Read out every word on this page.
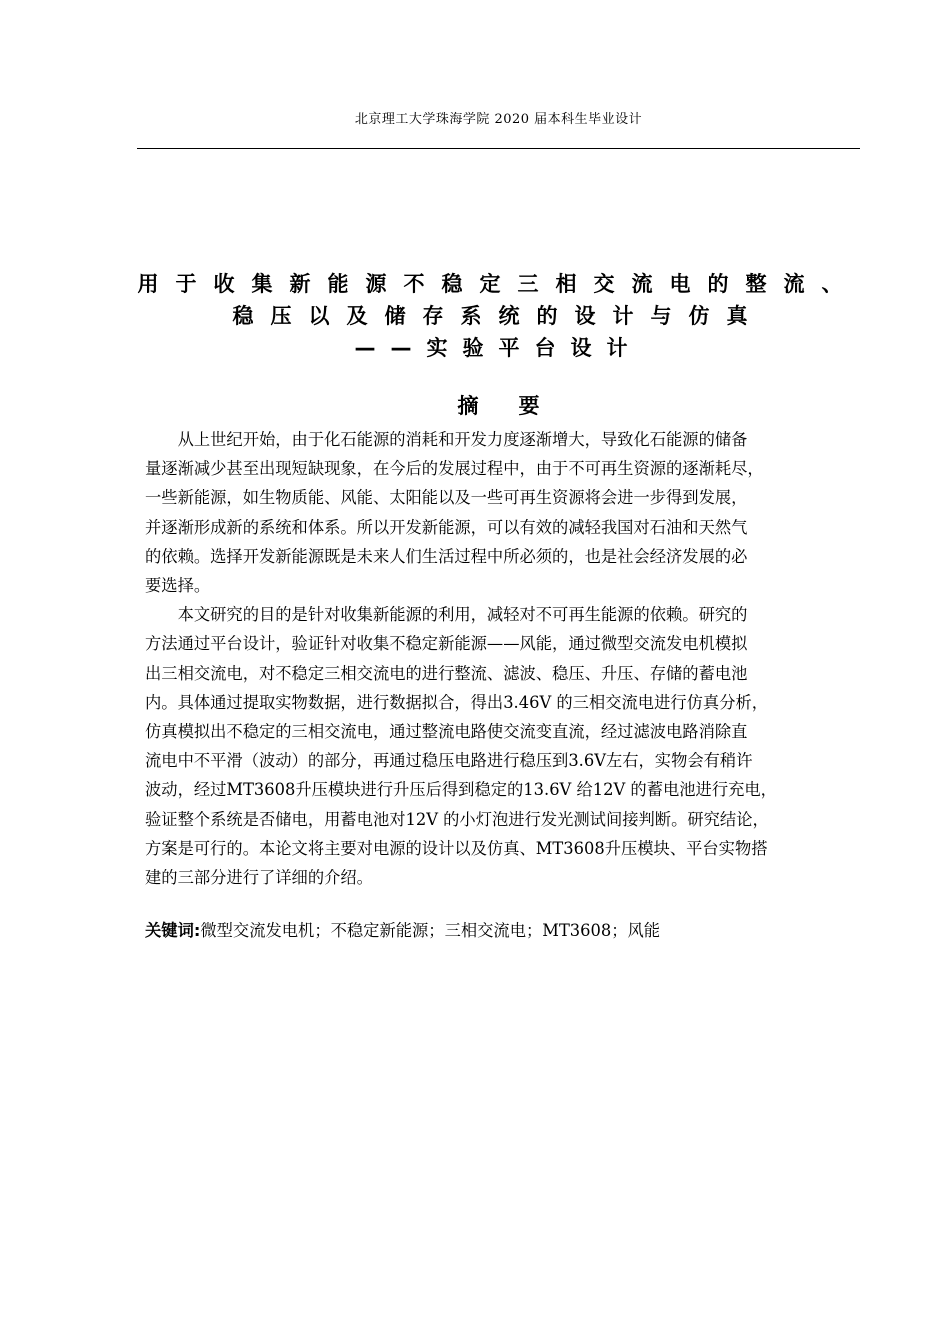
北京理工大学珠海学院 2020 届本科生毕业设计
用于收集新能源不稳定三相交流电的整流、
稳压以及储存系统的设计与仿真
——实验平台设计
摘要
　　从上世纪开始，由于化石能源的消耗和开发力度逐渐增大，导致化石能源的储备
量逐渐减少甚至出现短缺现象，在今后的发展过程中，由于不可再生资源的逐渐耗尽，
一些新能源，如生物质能、风能、太阳能以及一些可再生资源将会进一步得到发展，
并逐渐形成新的系统和体系。所以开发新能源，可以有效的减轻我国对石油和天然气
的依赖。选择开发新能源既是未来人们生活过程中所必须的，也是社会经济发展的必
要选择。
　　本文研究的目的是针对收集新能源的利用，减轻对不可再生能源的依赖。研究的
方法通过平台设计，验证针对收集不稳定新能源——风能，通过微型交流发电机模拟
出三相交流电，对不稳定三相交流电的进行整流、滤波、稳压、升压、存储的蓄电池
内。具体通过提取实物数据，进行数据拟合，得出3.46V 的三相交流电进行仿真分析，
仿真模拟出不稳定的三相交流电，通过整流电路使交流变直流，经过滤波电路消除直
流电中不平滑（波动）的部分，再通过稳压电路进行稳压到3.6V左右，实物会有稍许
波动，经过MT3608升压模块进行升压后得到稳定的13.6V 给12V 的蓄电池进行充电，
验证整个系统是否储电，用蓄电池对12V 的小灯泡进行发光测试间接判断。研究结论，
方案是可行的。本论文将主要对电源的设计以及仿真、MT3608升压模块、平台实物搭
建的三部分进行了详细的介绍。
关键词:微型交流发电机；不稳定新能源；三相交流电；MT3608；风能
